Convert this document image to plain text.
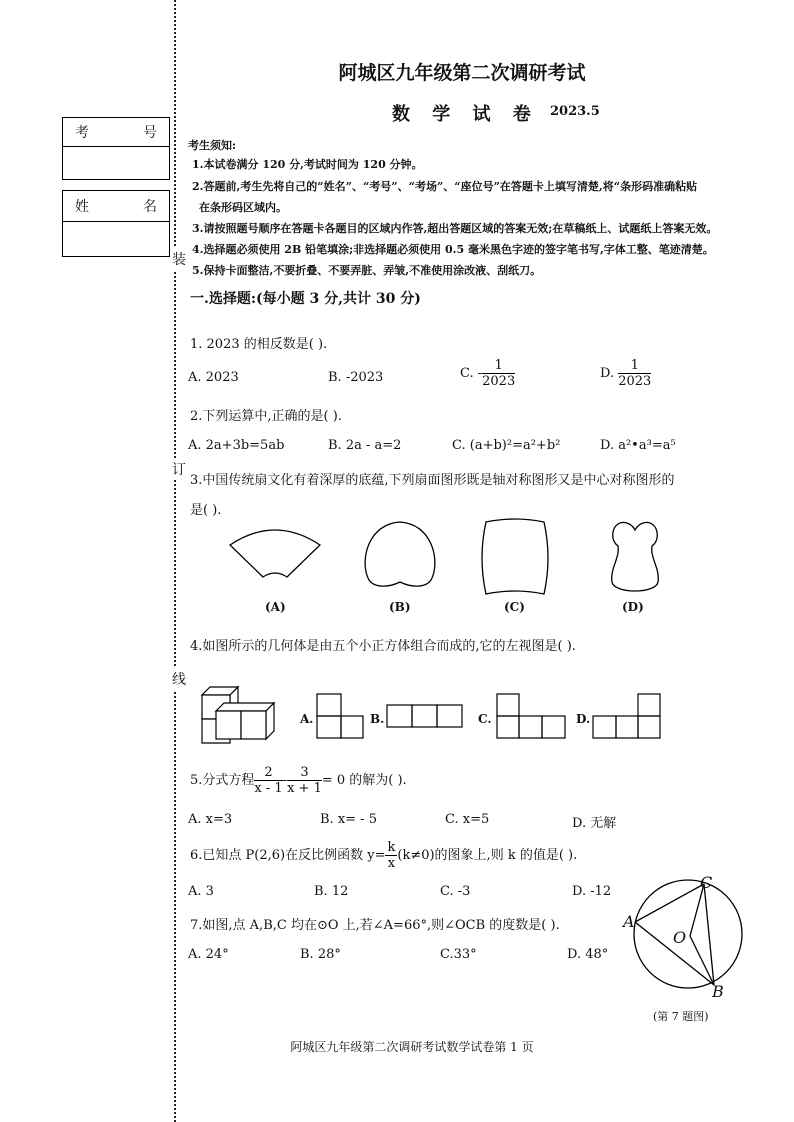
装
订
线
考	号
姓	名
阿城区九年级第二次调研考试
数 学 试 卷 2023.5
考生须知:
1.本试卷满分 120 分,考试时间为 120 分钟。
2.答题前,考生先将自己的“姓名”、“考号”、“考场”、“座位号”在答题卡上填写清楚,将“条形码准确粘贴
在条形码区域内。
3.请按照题号顺序在答题卡各题目的区域内作答,超出答题区域的答案无效;在草稿纸上、试题纸上答案无效。
4.选择题必须使用 2B 铅笔填涂;非选择题必须使用 0.5 毫米黑色字迹的签字笔书写,字体工整、笔迹清楚。
5.保持卡面整洁,不要折叠、不要弄脏、弄皱,不准使用涂改液、刮纸刀。
一.选择题:(每小题 3 分,共计 30 分)
1. 2023 的相反数是( ).
A. 2023	B. -2023	C. - $\frac{1}{2023}$	D. $\frac{1}{2023}$
2.下列运算中,正确的是( ).
A. 2a+3b=5ab	B. 2a - a=2	C. (a+b)²=a²+b²	D. a²•a³=a⁵
3.中国传统扇文化有着深厚的底蕴,下列扇面图形既是轴对称图形又是中心对称图形的
是( ).
(A)	(B)	(C)	(D)
4.如图所示的几何体是由五个小正方体组合而成的,它的左视图是( ).
A.	B.	C.	D.
5.分式方程 $\frac{2}{x - 1} - \frac{3}{x + 1} = 0$ 的解为( ).
A. x=3	B. x= - 5	C. x=5	D. 无解
6.已知点 P(2,6)在反比例函数 $y= \frac{k}{x} (k\ne 0)$的图象上,则 k 的值是( ).
A. 3	B. 12	C. -3	D. -12
7.如图,点 A,B,C 均在⊙O 上,若∠A=66°,则∠OCB 的度数是( ).
A. 24°	B. 28°	C.33°	D. 48°
A
B
C
O
(第 7 题图)
阿城区九年级第二次调研考试数学试卷第 1 页
